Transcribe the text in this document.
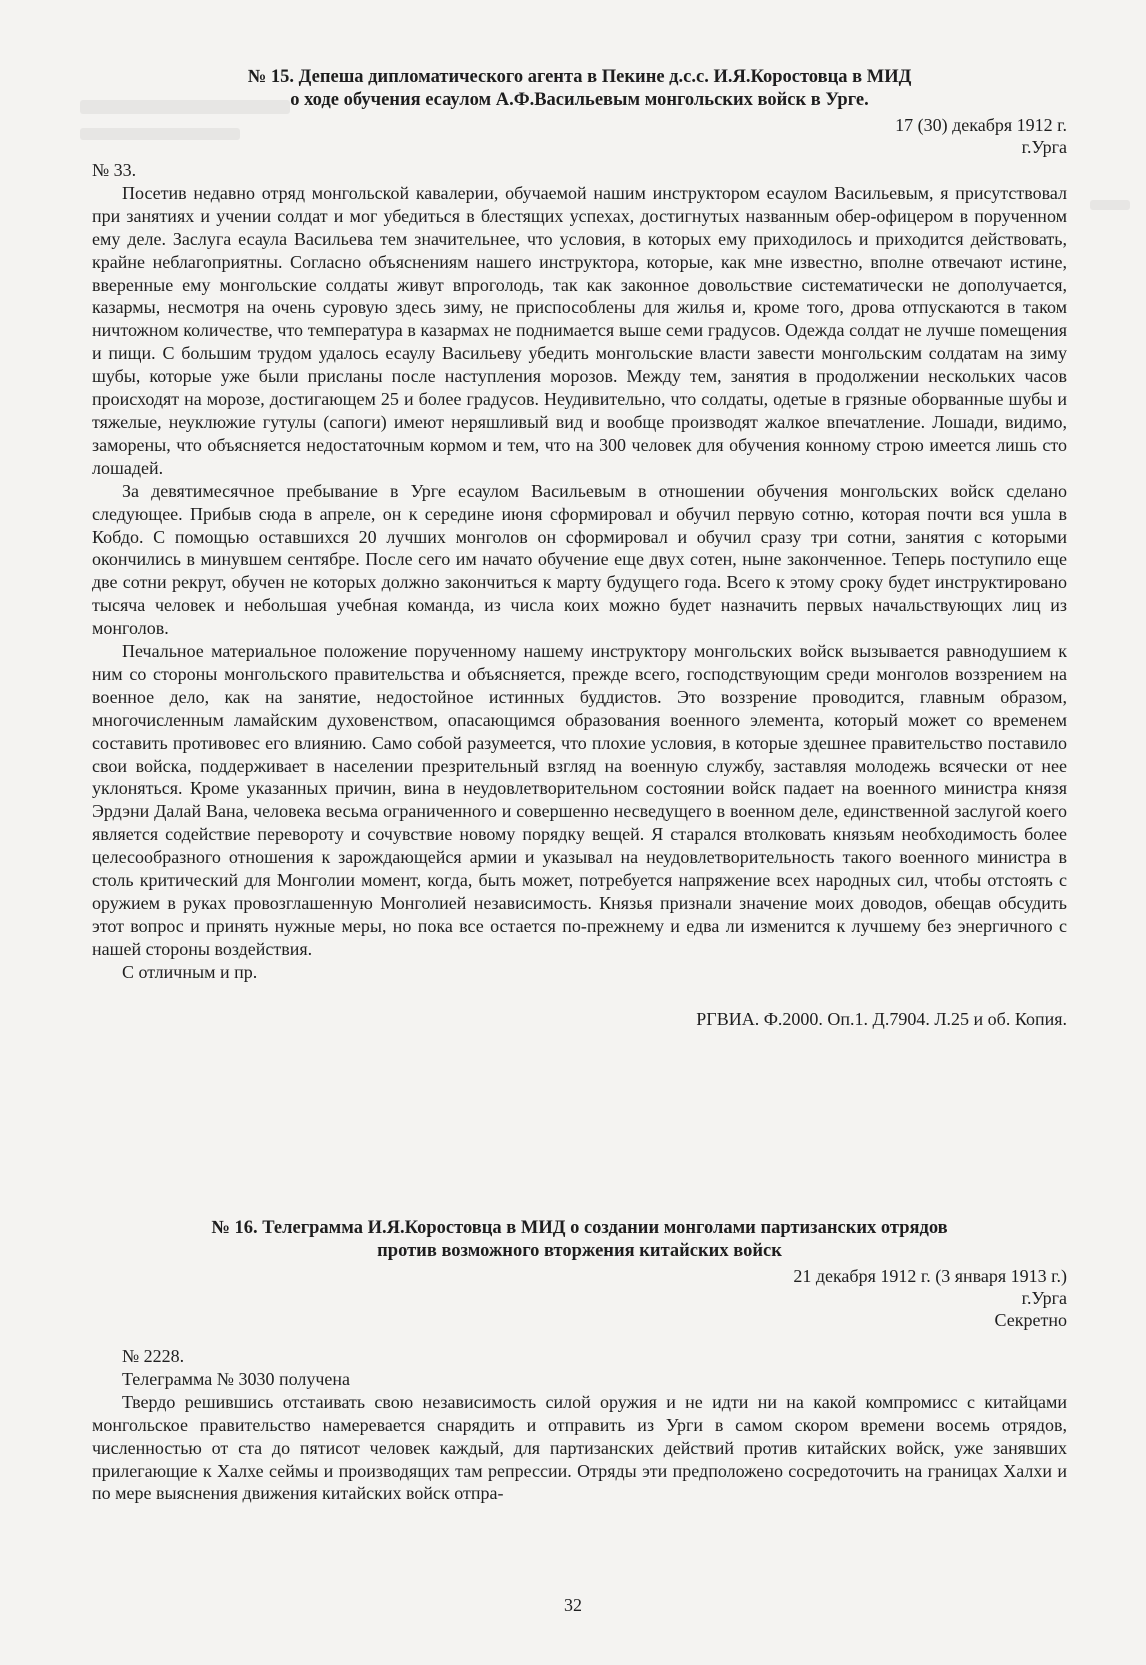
№ 15. Депеша дипломатического агента в Пекине д.с.с. И.Я.Коростовца в МИД

о ходе обучения есаулом А.Ф.Васильевым монгольских войск в Урге.

17 (30) декабря 1912 г.
г.Урга

№ 33.

Посетив недавно отряд монгольской кавалерии, обучаемой нашим инструктором есаулом Васильевым, я присутствовал при занятиях и учении солдат и мог убедиться в блестящих успехах, достигнутых названным обер-офицером в порученном ему деле. Заслуга есаула Васильева тем значительнее, что условия, в которых ему приходилось и приходится действовать, крайне неблагоприятны. Согласно объяснениям нашего инструктора, которые, как мне известно, вполне отвечают истине, вверенные ему монгольские солдаты живут впроголодь, так как законное довольствие систематически не дополучается, казармы, несмотря на очень суровую здесь зиму, не приспособлены для жилья и, кроме того, дрова отпускаются в таком ничтожном количестве, что температура в казармах не поднимается выше семи градусов. Одежда солдат не лучше помещения и пищи. С большим трудом удалось есаулу Васильеву убедить монгольские власти завести монгольским солдатам на зиму шубы, которые уже были присланы после наступления морозов. Между тем, занятия в продолжении нескольких часов происходят на морозе, достигающем 25 и более градусов. Неудивительно, что солдаты, одетые в грязные оборванные шубы и тяжелые, неуклюжие гутулы (сапоги) имеют неряшливый вид и вообще производят жалкое впечатление. Лошади, видимо, заморены, что объясняется недостаточным кормом и тем, что на 300 человек для обучения конному строю имеется лишь сто лошадей.

За девятимесячное пребывание в Урге есаулом Васильевым в отношении обучения монгольских войск сделано следующее. Прибыв сюда в апреле, он к середине июня сформировал и обучил первую сотню, которая почти вся ушла в Кобдо. С помощью оставшихся 20 лучших монголов он сформировал и обучил сразу три сотни, занятия с которыми окончились в минувшем сентябре. После сего им начато обучение еще двух сотен, ныне законченное. Теперь поступило еще две сотни рекрут, обучен не которых должно закончиться к марту будущего года. Всего к этому сроку будет инструктировано тысяча человек и небольшая учебная команда, из числа коих можно будет назначить первых начальствующих лиц из монголов.

Печальное материальное положение порученному нашему инструктору монгольских войск вызывается равнодушием к ним со стороны монгольского правительства и объясняется, прежде всего, господствующим среди монголов воззрением на военное дело, как на занятие, недостойное истинных буддистов. Это воззрение проводится, главным образом, многочисленным ламайским духовенством, опасающимся образования военного элемента, который может со временем составить противовес его влиянию. Само собой разумеется, что плохие условия, в которые здешнее правительство поставило свои войска, поддерживает в населении презрительный взгляд на военную службу, заставляя молодежь всячески от нее уклоняться. Кроме указанных причин, вина в неудовлетворительном состоянии войск падает на военного министра князя Эрдэни Далай Вана, человека весьма ограниченного и совершенно несведущего в военном деле, единственной заслугой коего является содействие перевороту и сочувствие новому порядку вещей. Я старался втолковать князьям необходимость более целесообразного отношения к зарождающейся армии и указывал на неудовлетворительность такого военного министра в столь критический для Монголии момент, когда, быть может, потребуется напряжение всех народных сил, чтобы отстоять с оружием в руках провозглашенную Монголией независимость. Князья признали значение моих доводов, обещав обсудить этот вопрос и принять нужные меры, но пока все остается по-прежнему и едва ли изменится к лучшему без энергичного с нашей стороны воздействия.

С отличным и пр.

РГВИА. Ф.2000. Оп.1. Д.7904. Л.25 и об. Копия.

№ 16. Телеграмма И.Я.Коростовца в МИД о создании монголами партизанских отрядов

против возможного вторжения китайских войск

21 декабря 1912 г. (3 января 1913 г.)
г.Урга
Секретно

№ 2228.

Телеграмма № 3030 получена

Твердо решившись отстаивать свою независимость силой оружия и не идти ни на какой компромисс с китайцами монгольское правительство намеревается снарядить и отправить из Урги в самом скором времени восемь отрядов, численностью от ста до пятисот человек каждый, для партизанских действий против китайских войск, уже занявших прилегающие к Халхе сеймы и производящих там репрессии. Отряды эти предположено сосредоточить на границах Халхи и по мере выяснения движения китайских войск отпра-

32
